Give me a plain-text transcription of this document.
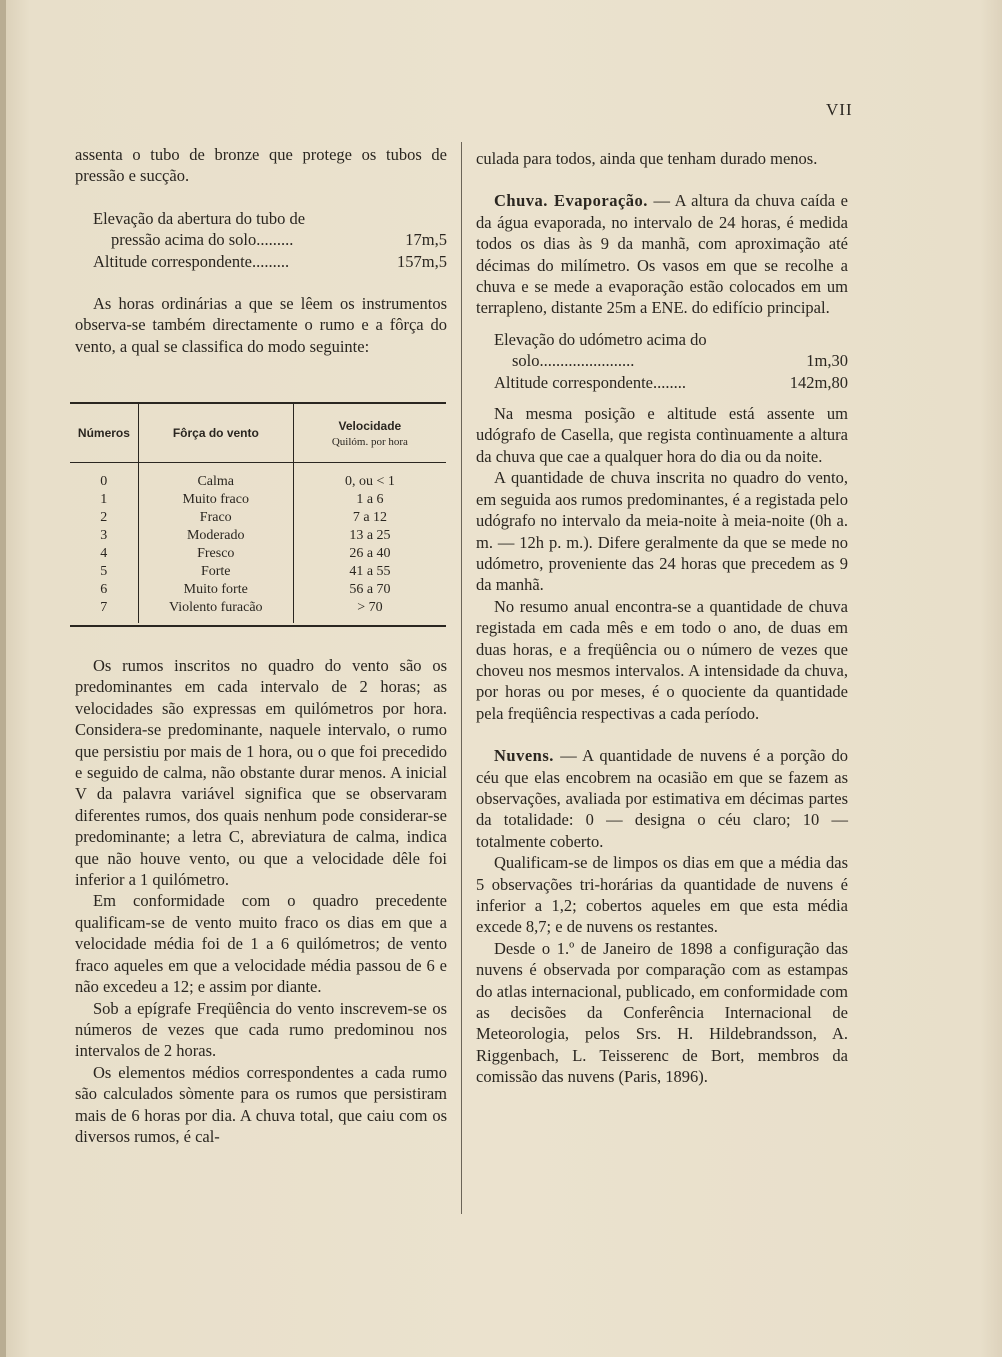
VII

assenta o tubo de bronze que protege os tubos de pressão e sucção.

Elevação da abertura do tubo de
pressão acima do solo.........	17m,5
Altitude correspondente.........	157m,5

As horas ordinárias a que se lêem os instrumentos observa-se também directamente o rumo e a fôrça do vento, a qual se classifica do modo seguinte:

Números	Fôrça do vento	Velocidade
Quilóm. por hora
0	Calma	0, ou < 1
1	Muito fraco	1 a 6
2	Fraco	7 a 12
3	Moderado	13 a 25
4	Fresco	26 a 40
5	Forte	41 a 55
6	Muito forte	56 a 70
7	Violento furacão	> 70

Os rumos inscritos no quadro do vento são os predominantes em cada intervalo de 2 horas; as velocidades são expressas em quilómetros por hora. Considera-se predominante, naquele intervalo, o rumo que persistiu por mais de 1 hora, ou o que foi precedido e seguido de calma, não obstante durar menos. A inicial V da palavra variável significa que se observaram diferentes rumos, dos quais nenhum pode considerar-se predominante; a letra C, abreviatura de calma, indica que não houve vento, ou que a velocidade dêle foi inferior a 1 quilómetro.

Em conformidade com o quadro precedente qualificam-se de vento muito fraco os dias em que a velocidade média foi de 1 a 6 quilómetros; de vento fraco aqueles em que a velocidade média passou de 6 e não excedeu a 12; e assim por diante.

Sob a epígrafe Freqüência do vento inscrevem-se os números de vezes que cada rumo predominou nos intervalos de 2 horas.

Os elementos médios correspondentes a cada rumo são calculados sòmente para os rumos que persistiram mais de 6 horas por dia. A chuva total, que caiu com os diversos rumos, é cal-

culada para todos, ainda que tenham durado menos.

Chuva. Evaporação. — A altura da chuva caída e da água evaporada, no intervalo de 24 horas, é medida todos os dias às 9 da manhã, com aproximação até décimas do milímetro. Os vasos em que se recolhe a chuva e se mede a evaporação estão colocados em um terrapleno, distante 25m a ENE. do edifício principal.

Elevação do udómetro acima do
solo.......................	1m,30
Altitude correspondente........	142m,80

Na mesma posição e altitude está assente um udógrafo de Casella, que regista contìnuamente a altura da chuva que cae a qualquer hora do dia ou da noite.

A quantidade de chuva inscrita no quadro do vento, em seguida aos rumos predominantes, é a registada pelo udógrafo no intervalo da meia-noite à meia-noite (0h a. m. — 12h p. m.). Difere geralmente da que se mede no udómetro, proveniente das 24 horas que precedem as 9 da manhã.

No resumo anual encontra-se a quantidade de chuva registada em cada mês e em todo o ano, de duas em duas horas, e a freqüência ou o número de vezes que choveu nos mesmos intervalos. A intensidade da chuva, por horas ou por meses, é o quociente da quantidade pela freqüência respectivas a cada período.

Nuvens. — A quantidade de nuvens é a porção do céu que elas encobrem na ocasião em que se fazem as observações, avaliada por estimativa em décimas partes da totalidade: 0 — designa o céu claro; 10 — totalmente coberto.

Qualificam-se de limpos os dias em que a média das 5 observações tri-horárias da quantidade de nuvens é inferior a 1,2; cobertos aqueles em que esta média excede 8,7; e de nuvens os restantes.

Desde o 1.º de Janeiro de 1898 a configuração das nuvens é observada por comparação com as estampas do atlas internacional, publicado, em conformidade com as decisões da Conferência Internacional de Meteorologia, pelos Srs. H. Hildebrandsson, A. Riggenbach, L. Teisserenc de Bort, membros da comissão das nuvens (Paris, 1896).
